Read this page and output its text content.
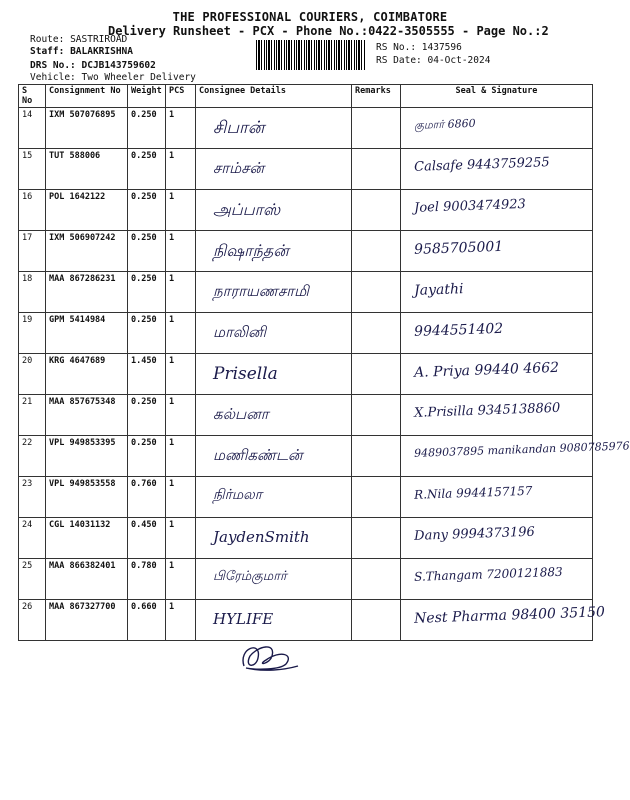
THE PROFESSIONAL COURIERS, COIMBATORE
Delivery Runsheet - PCX - Phone No.:0422-3505555 - Page No.:2
Route: SASTRIROAD
Staff: BALAKRISHNA
DRS No.: DCJB143759602
Vehicle: Two Wheeler Delivery
RS No.: 1437596
RS Date: 04-Oct-2024
S No	Consignment No	Weight	PCS	Consignee Details	Remarks	Seal & Signature
14	IXM 507076895	0.250	1	சிபான்		குமார் 6860

15	TUT 588006	0.250	1	சாம்சன்		Calsafe 9443759255

16	POL 1642122	0.250	1	அப்பாஸ்		Joel 9003474923

17	IXM 506907242	0.250	1	நிஷாந்தன்		9585705001

18	MAA 867286231	0.250	1	நாராயணசாமி		Jayathi

19	GPM 5414984	0.250	1	மாலினி		9944551402

20	KRG 4647689	1.450	1	Prisella		A. Priya 99440 4662

21	MAA 857675348	0.250	1	கல்பனா		X.Prisilla 9345138860

22	VPL 949853395	0.250	1	மணிகண்டன்		9489037895 manikandan 9080785976

23	VPL 949853558	0.760	1	நிர்மலா		R.Nila 9944157157

24	CGL 14031132	0.450	1	JaydenSmith		Dany 9994373196

25	MAA 866382401	0.780	1	பிரேம்குமார்		S.Thangam 7200121883

26	MAA 867327700	0.660	1	HYLIFE		Nest Pharma 98400 35150
